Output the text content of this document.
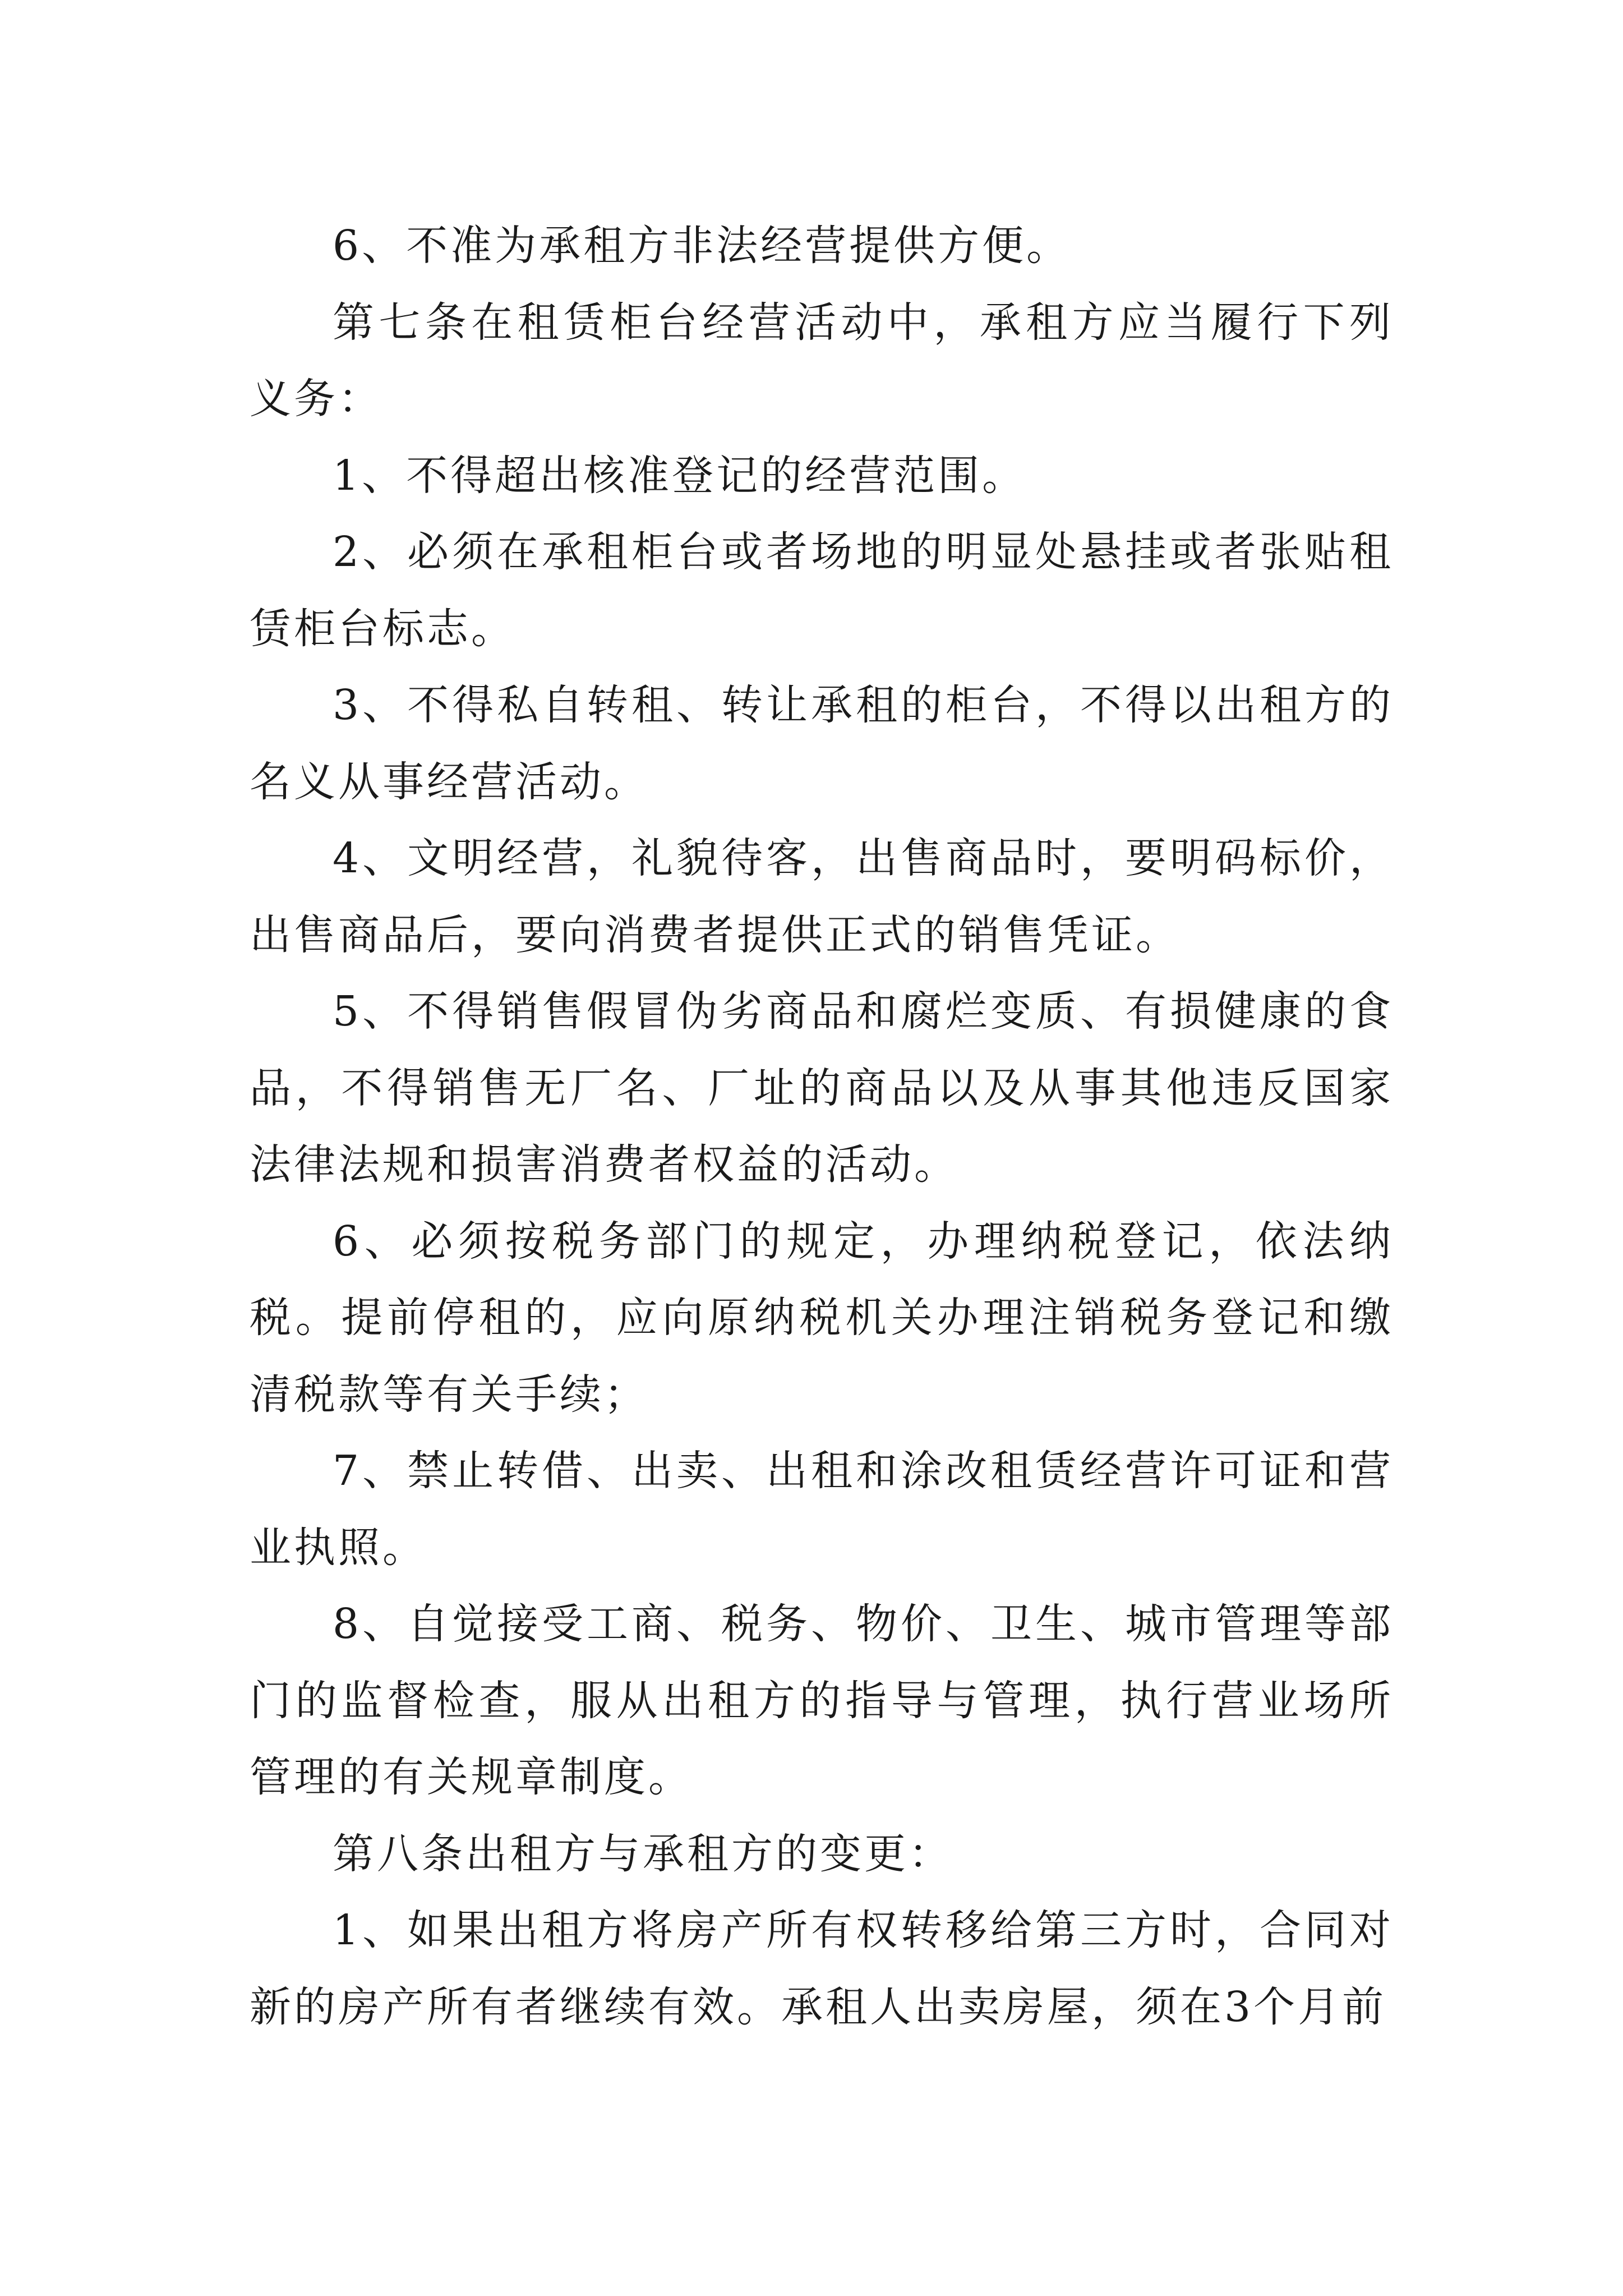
6、不准为承租方非法经营提供方便。

第七条在租赁柜台经营活动中，承租方应当履行下列义务：

1、不得超出核准登记的经营范围。

2、必须在承租柜台或者场地的明显处悬挂或者张贴租赁柜台标志。

3、不得私自转租、转让承租的柜台，不得以出租方的名义从事经营活动。

4、文明经营，礼貌待客，出售商品时，要明码标价，出售商品后，要向消费者提供正式的销售凭证。

5、不得销售假冒伪劣商品和腐烂变质、有损健康的食品，不得销售无厂名、厂址的商品以及从事其他违反国家法律法规和损害消费者权益的活动。

6、必须按税务部门的规定，办理纳税登记，依法纳税。提前停租的，应向原纳税机关办理注销税务登记和缴清税款等有关手续；

7、禁止转借、出卖、出租和涂改租赁经营许可证和营业执照。

8、自觉接受工商、税务、物价、卫生、城市管理等部门的监督检查，服从出租方的指导与管理，执行营业场所管理的有关规章制度。

第八条出租方与承租方的变更：

1、如果出租方将房产所有权转移给第三方时，合同对新的房产所有者继续有效。承租人出卖房屋，须在3个月前
